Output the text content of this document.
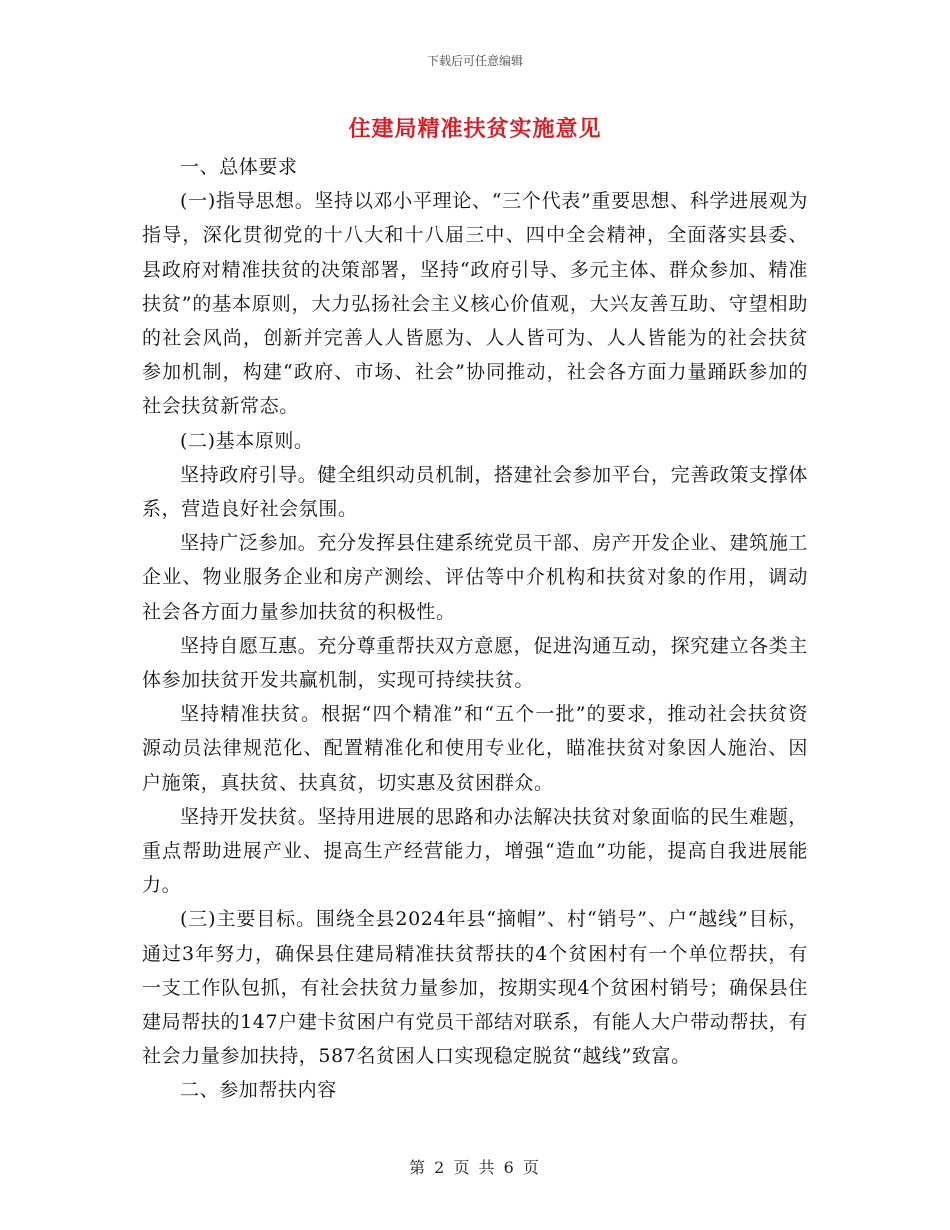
下载后可任意编辑
住建局精准扶贫实施意见

一、总体要求

(一)指导思想。坚持以邓小平理论、“三个代表”重要思想、科学进展观为指导，深化贯彻党的十八大和十八届三中、四中全会精神，全面落实县委、县政府对精准扶贫的决策部署，坚持“政府引导、多元主体、群众参加、精准扶贫”的基本原则，大力弘扬社会主义核心价值观，大兴友善互助、守望相助的社会风尚，创新并完善人人皆愿为、人人皆可为、人人皆能为的社会扶贫参加机制，构建“政府、市场、社会”协同推动，社会各方面力量踊跃参加的社会扶贫新常态。

(二)基本原则。

坚持政府引导。健全组织动员机制，搭建社会参加平台，完善政策支撑体系，营造良好社会氛围。

坚持广泛参加。充分发挥县住建系统党员干部、房产开发企业、建筑施工企业、物业服务企业和房产测绘、评估等中介机构和扶贫对象的作用，调动社会各方面力量参加扶贫的积极性。

坚持自愿互惠。充分尊重帮扶双方意愿，促进沟通互动，探究建立各类主体参加扶贫开发共赢机制，实现可持续扶贫。

坚持精准扶贫。根据“四个精准”和“五个一批”的要求，推动社会扶贫资源动员法律规范化、配置精准化和使用专业化，瞄准扶贫对象因人施治、因户施策，真扶贫、扶真贫，切实惠及贫困群众。

坚持开发扶贫。坚持用进展的思路和办法解决扶贫对象面临的民生难题，重点帮助进展产业、提高生产经营能力，增强“造血”功能，提高自我进展能力。

(三)主要目标。围绕全县2024年县“摘帽”、村“销号”、户“越线”目标，通过3年努力，确保县住建局精准扶贫帮扶的4个贫困村有一个单位帮扶，有一支工作队包抓，有社会扶贫力量参加，按期实现4个贫困村销号；确保县住建局帮扶的147户建卡贫困户有党员干部结对联系，有能人大户带动帮扶，有社会力量参加扶持，587名贫困人口实现稳定脱贫“越线”致富。

二、参加帮扶内容

第 2 页 共 6 页
